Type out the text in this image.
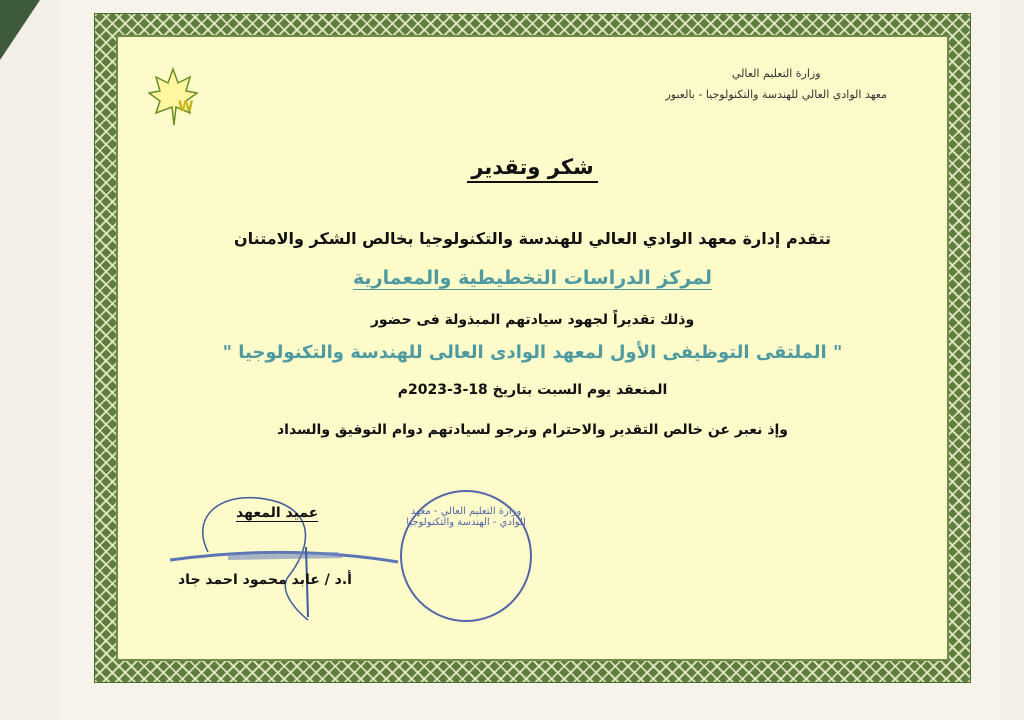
W
وزارة التعليم العالي
معهد الوادي العالي للهندسة والتكنولوجيا - بالعبور
شكر وتقدير
تتقدم إدارة معهد الوادي العالي للهندسة والتكنولوجيا بخالص الشكر والامتنان
لمركز الدراسات التخطيطية والمعمارية
وذلك تقديراً لجهود سيادتهم المبذولة فى حضور
" الملتقى التوظيفى الأول لمعهد الوادى العالى للهندسة والتكنولوجيا "
المنعقد يوم السبت بتاريخ 18-3-2023م
وإذ نعبر عن خالص التقدير والاحترام ونرجو لسيادتهم دوام التوفيق والسداد
عميد المعهد
أ.د / عابد محمود احمد جاد
وزارة التعليم العالي - معهد الوادي - الهندسة والتكنولوجيا
